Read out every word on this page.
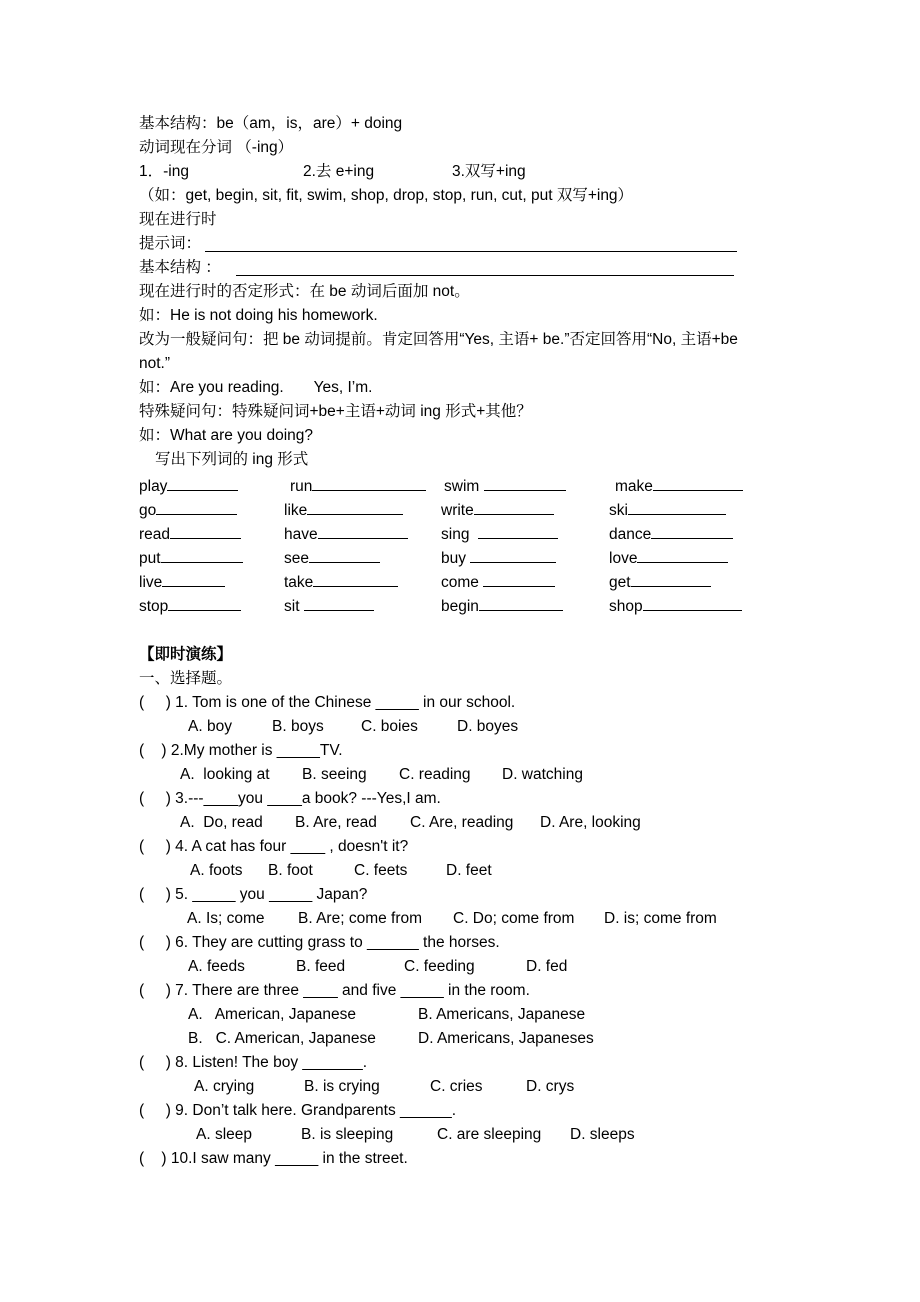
基本结构：be（am，is，are）+ doing
动词现在分词 （-ing）
1．-ing	2.去 e+ing	3.双写+ing
（如：get, begin, sit, fit, swim, shop, drop, stop, run, cut, put 双写+ing）
现在进行时
提示词：
基本结构 ：
现在进行时的否定形式：在 be 动词后面加 not。
如：He is not doing his homework.
改为一般疑问句：把 be 动词提前。肯定回答用“Yes, 主语+ be.”否定回答用“No, 主语+be
not.”
如：Are you reading.       Yes, I’m.
特殊疑问句：特殊疑问词+be+主语+动词 ing 形式+其他？
如：What are you doing?
写出下列词的 ing 形式
play	run	swim	make
go	like	write	ski
read	have	sing	dance
put	see	buy	love
live	take	come	get
stop	sit	begin	shop
【即时演练】
一、选择题。
(     ) 1. Tom is one of the Chinese _____ in our school.
A. boy	B. boys C. boies	D. boyes
(    ) 2.My mother is _____TV.
A.  looking at B. seeing C. reading D. watching
(     ) 3.---____you ____a book? ---Yes,I am.
A.  Do, read B. Are, read C. Are, reading D. Are, looking
(     ) 4. A cat has four ____ , doesn't it?
A. foots B. foot	C. feets D. feet
(     ) 5. _____ you _____ Japan?
A. Is; come B. Are; come from C. Do; come from D. is; come from
(     ) 6. They are cutting grass to ______ the horses.
A. feeds	B. feed	C. feeding	D. fed
(     ) 7. There are three ____ and five _____ in the room.
A.   American, Japanese	B. Americans, Japanese
B.   C. American, Japanese	D. Americans, Japaneses
(     ) 8. Listen! The boy _______.
A. crying	B. is crying	C. cries	D. crys
(     ) 9. Don’t talk here. Grandparents ______.
A. sleep	B. is sleeping	C. are sleeping D. sleeps
(    ) 10.I saw many _____ in the street.
